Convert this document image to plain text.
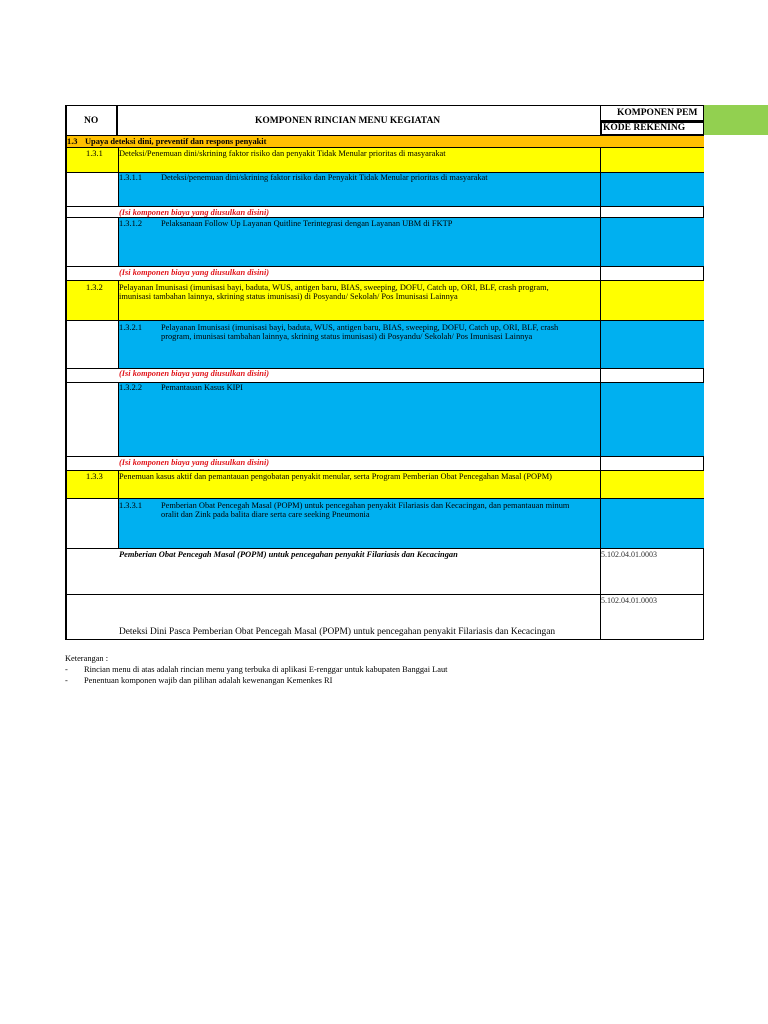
NO	KOMPONEN RINCIAN MENU KEGIATAN
KOMPONEN PEM
KODE REKENING
1.3 Upaya deteksi dini, preventif dan respons penyakit
1.3.1 Deteksi/Penemuan dini/skrining faktor risiko dan penyakit Tidak Menular prioritas di masyarakat
1.3.1.1 Deteksi/penemuan dini/skrining faktor risiko dan Penyakit Tidak Menular prioritas di masyarakat
(Isi komponen biaya yang diusulkan disini)
1.3.1.2 Pelaksanaan Follow Up Layanan Quitline Terintegrasi dengan Layanan UBM di FKTP
(Isi komponen biaya yang diusulkan disini)
1.3.2 Pelayanan Imunisasi (imunisasi bayi, baduta, WUS, antigen baru, BIAS, sweeping, DOFU, Catch up, ORI, BLF, crash program,
imunisasi tambahan lainnya, skrining status imunisasi) di Posyandu/ Sekolah/ Pos Imunisasi Lainnya
1.3.2.1 Pelayanan Imunisasi (imunisasi bayi, baduta, WUS, antigen baru, BIAS, sweeping, DOFU, Catch up, ORI, BLF, crash
program, imunisasi tambahan lainnya, skrining status imunisasi) di Posyandu/ Sekolah/ Pos Imunisasi Lainnya
(Isi komponen biaya yang diusulkan disini)
1.3.2.2 Pemantauan Kasus KIPI
(Isi komponen biaya yang diusulkan disini)
1.3.3 Penemuan kasus aktif dan pemantauan pengobatan penyakit menular, serta Program Pemberian Obat Pencegahan Masal (POPM)
1.3.3.1 Pemberian Obat Pencegah Masal (POPM) untuk pencegahan penyakit Filariasis dan Kecacingan, dan pemantauan minum
oralit dan Zink pada balita diare serta care seeking Pneumonia
Pemberian Obat Pencegah Masal (POPM) untuk pencegahan penyakit Filariasis dan Kecacingan	5.102.04.01.0003
5.102.04.01.0003
Deteksi Dini Pasca Pemberian Obat Pencegah Masal (POPM) untuk pencegahan penyakit Filariasis dan Kecacingan
Keterangan :
- Rincian menu di atas adalah rincian menu yang terbuka di aplikasi E-renggar untuk kabupaten Banggai Laut
- Penentuan komponen wajib dan pilihan adalah kewenangan Kemenkes RI
